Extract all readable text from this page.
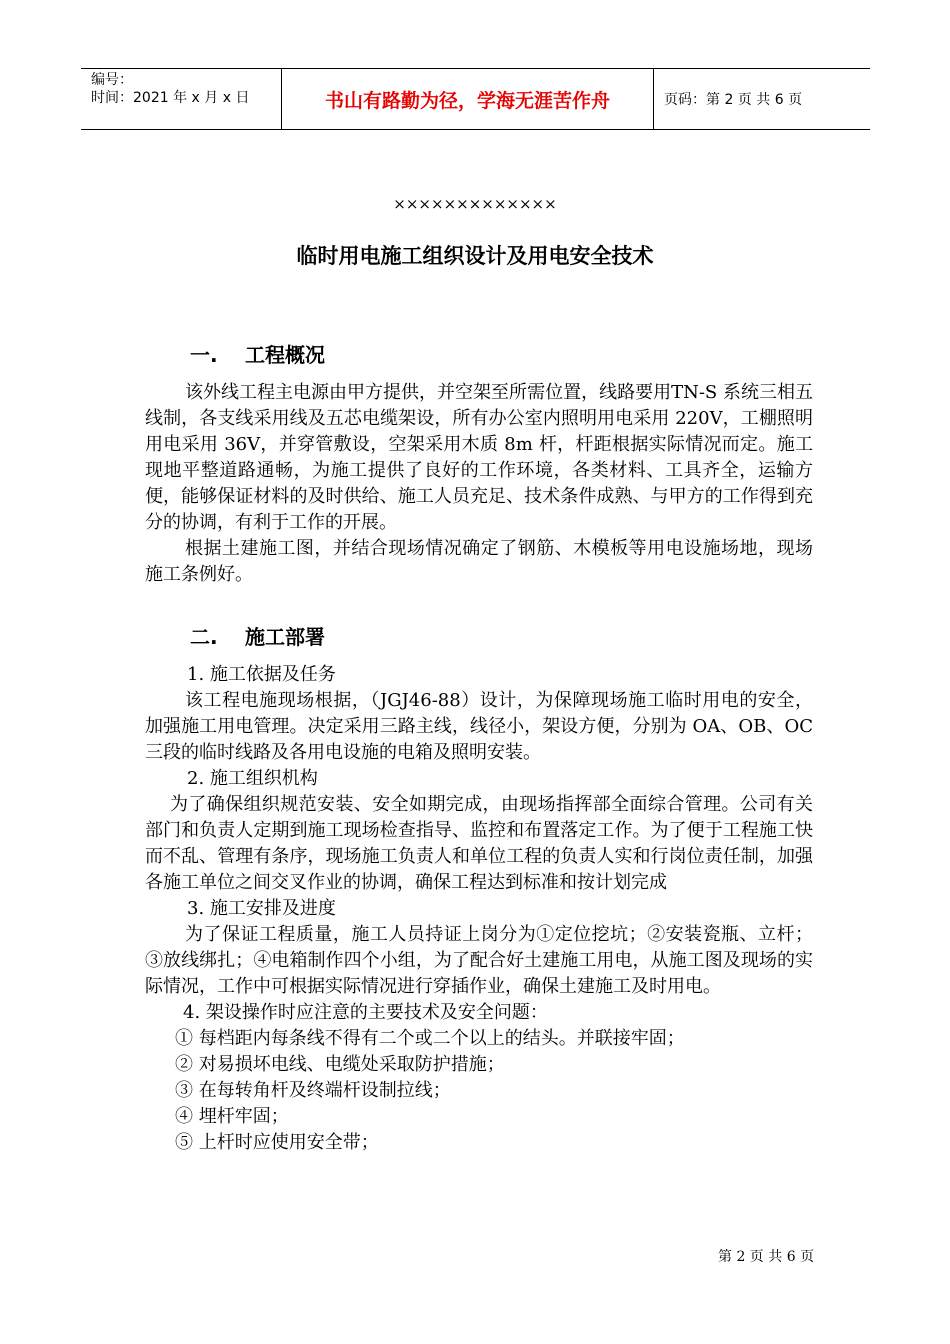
编号：
时间：2021 年 x 月 x 日	书山有路勤为径，学海无涯苦作舟	页码：第 2 页 共 6 页
×××××××××××××
临时用电施工组织设计及用电安全技术
一. 工程概况

该外线工程主电源由甲方提供，并空架至所需位置，线路要用TN-S 系统三相五线制，各支线采用线及五芯电缆架设，所有办公室内照明用电采用 220V，工棚照明用电采用 36V，并穿管敷设，空架采用木质 8m 杆，杆距根据实际情况而定。施工现地平整道路通畅，为施工提供了良好的工作环境，各类材料、工具齐全，运输方便，能够保证材料的及时供给、施工人员充足、技术条件成熟、与甲方的工作得到充分的协调，有利于工作的开展。

根据土建施工图，并结合现场情况确定了钢筋、木模板等用电设施场地，现场施工条例好。

二. 施工部署

1. 施工依据及任务

该工程电施现场根据，（JGJ46-88）设计，为保障现场施工临时用电的安全，加强施工用电管理。决定采用三路主线，线径小，架设方便，分别为 OA、OB、OC 三段的临时线路及各用电设施的电箱及照明安装。

2. 施工组织机构

为了确保组织规范安装、安全如期完成，由现场指挥部全面综合管理。公司有关部门和负责人定期到施工现场检查指导、监控和布置落定工作。为了便于工程施工快而不乱、管理有条序，现场施工负责人和单位工程的负责人实和行岗位责任制，加强各施工单位之间交叉作业的协调，确保工程达到标准和按计划完成

3. 施工安排及进度

为了保证工程质量，施工人员持证上岗分为①定位挖坑；②安装瓷瓶、立杆；③放线绑扎；④电箱制作四个小组，为了配合好土建施工用电，从施工图及现场的实际情况，工作中可根据实际情况进行穿插作业，确保土建施工及时用电。

4. 架设操作时应注意的主要技术及安全问题：

① 每档距内每条线不得有二个或二个以上的结头。并联接牢固；

② 对易损坏电线、电缆处采取防护措施；

③ 在每转角杆及终端杆设制拉线；

④ 埋杆牢固；

⑤ 上杆时应使用安全带；

第 2 页 共 6 页
